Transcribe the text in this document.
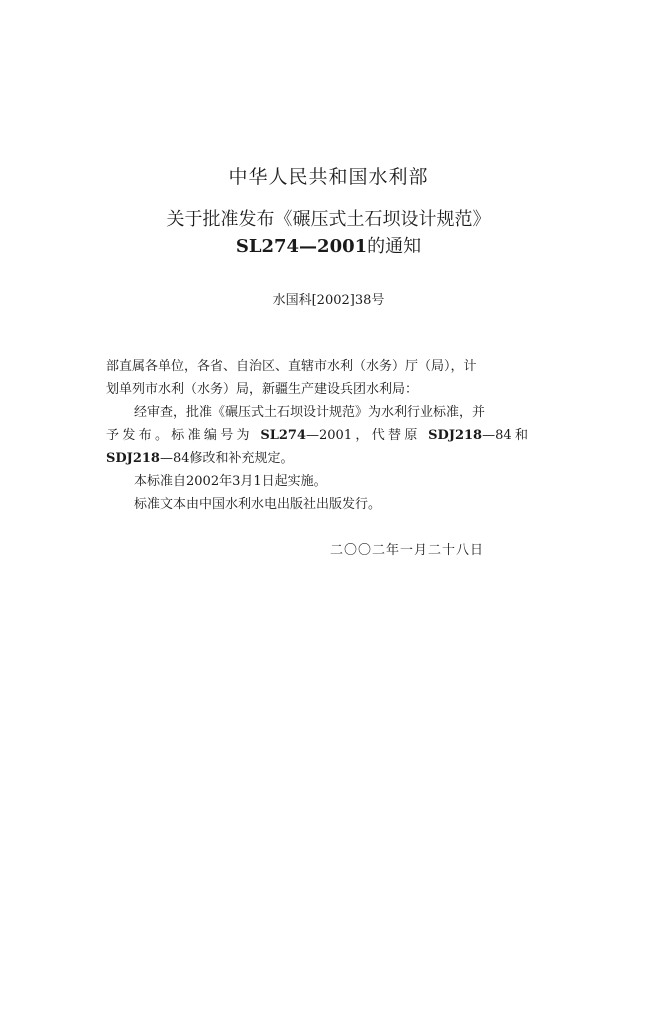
中华人民共和国水利部
关于批准发布《碾压式土石坝设计规范》
SL274—2001的通知
水国科[2002]38号
部直属各单位，各省、自治区、直辖市水利（水务）厅（局），计
划单列市水利（水务）局，新疆生产建设兵团水利局：
经审查，批准《碾压式土石坝设计规范》为水利行业标准，并
予发布。标准编号为 SL274—2001，代替原 SDJ218—84和
SDJ218—84修改和补充规定。
本标准自2002年3月1日起实施。
标准文本由中国水利水电出版社出版发行。
二〇〇二年一月二十八日
